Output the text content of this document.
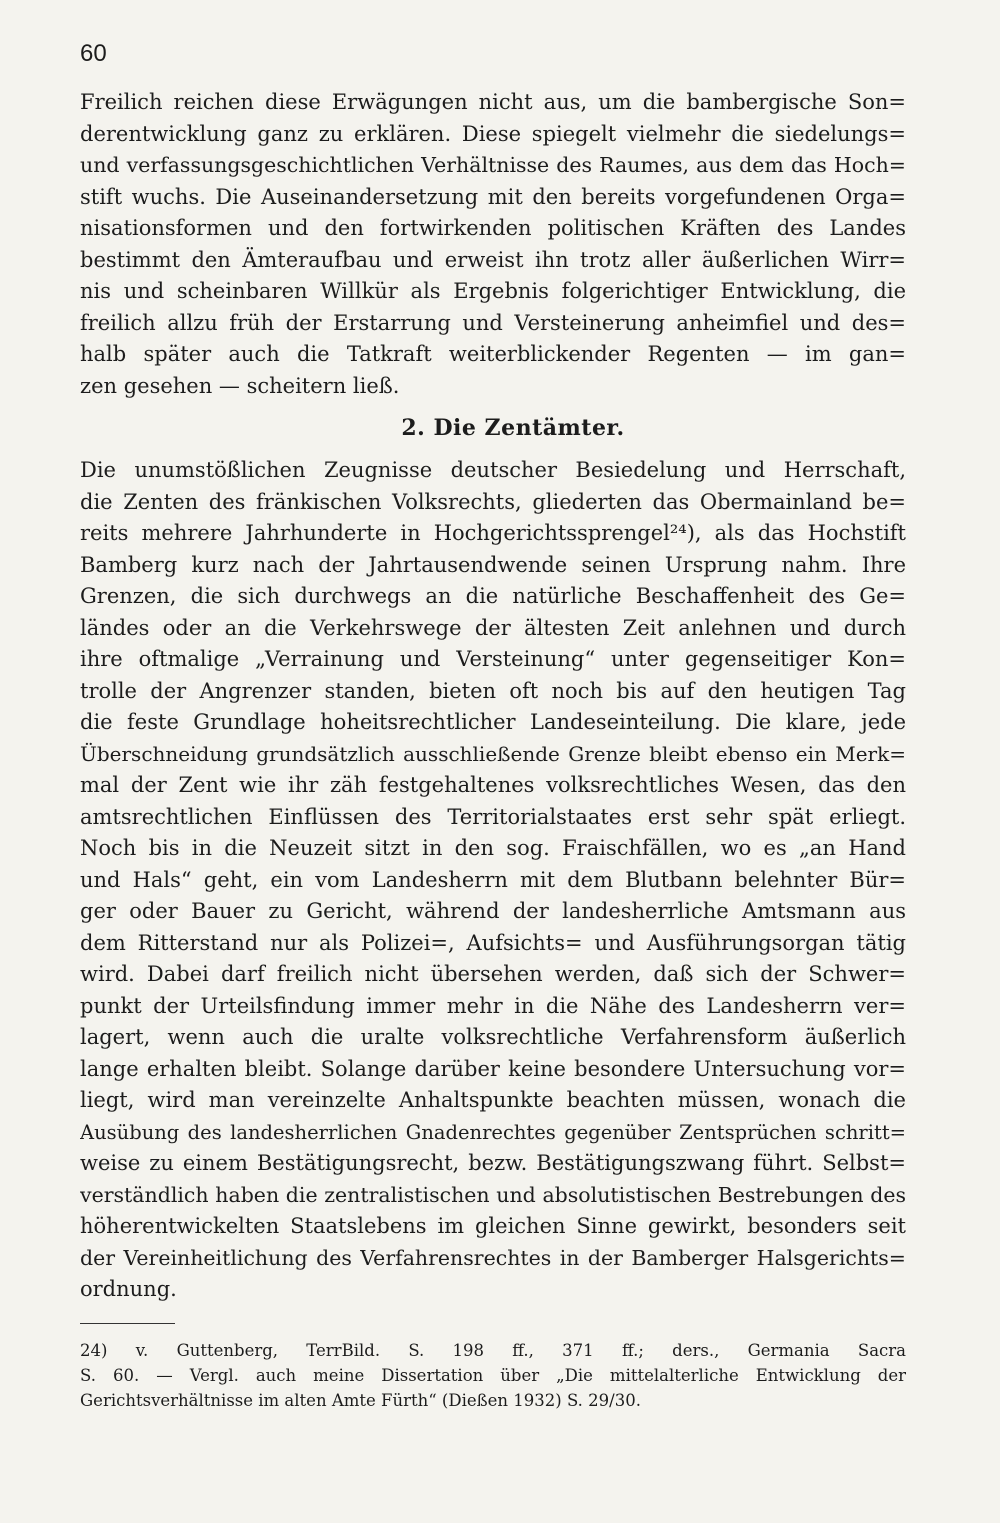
60
Freilich reichen diese Erwägungen nicht aus, um die bambergische Son=
derentwicklung ganz zu erklären. Diese spiegelt vielmehr die siedelungs=
und verfassungsgeschichtlichen Verhältnisse des Raumes, aus dem das Hoch=
stift wuchs. Die Auseinandersetzung mit den bereits vorgefundenen Orga=
nisationsformen und den fortwirkenden politischen Kräften des Landes
bestimmt den Ämteraufbau und erweist ihn trotz aller äußerlichen Wirr=
nis und scheinbaren Willkür als Ergebnis folgerichtiger Entwicklung, die
freilich allzu früh der Erstarrung und Versteinerung anheimfiel und des=
halb später auch die Tatkraft weiterblickender Regenten — im gan=
zen gesehen — scheitern ließ.
2. Die Zentämter.
Die unumstößlichen Zeugnisse deutscher Besiedelung und Herrschaft,
die Zenten des fränkischen Volksrechts, gliederten das Obermainland be=
reits mehrere Jahrhunderte in Hochgerichtssprengel²⁴), als das Hochstift
Bamberg kurz nach der Jahrtausendwende seinen Ursprung nahm. Ihre
Grenzen, die sich durchwegs an die natürliche Beschaffenheit des Ge=
ländes oder an die Verkehrswege der ältesten Zeit anlehnen und durch
ihre oftmalige „Verrainung und Versteinung“ unter gegenseitiger Kon=
trolle der Angrenzer standen, bieten oft noch bis auf den heutigen Tag
die feste Grundlage hoheitsrechtlicher Landeseinteilung. Die klare, jede
Überschneidung grundsätzlich ausschließende Grenze bleibt ebenso ein Merk=
mal der Zent wie ihr zäh festgehaltenes volksrechtliches Wesen, das den
amtsrechtlichen Einflüssen des Territorialstaates erst sehr spät erliegt.
Noch bis in die Neuzeit sitzt in den sog. Fraischfällen, wo es „an Hand
und Hals“ geht, ein vom Landesherrn mit dem Blutbann belehnter Bür=
ger oder Bauer zu Gericht, während der landesherrliche Amtsmann aus
dem Ritterstand nur als Polizei=, Aufsichts= und Ausführungsorgan tätig
wird. Dabei darf freilich nicht übersehen werden, daß sich der Schwer=
punkt der Urteilsfindung immer mehr in die Nähe des Landesherrn ver=
lagert, wenn auch die uralte volksrechtliche Verfahrensform äußerlich
lange erhalten bleibt. Solange darüber keine besondere Untersuchung vor=
liegt, wird man vereinzelte Anhaltspunkte beachten müssen, wonach die
Ausübung des landesherrlichen Gnadenrechtes gegenüber Zentsprüchen schritt=
weise zu einem Bestätigungsrecht, bezw. Bestätigungszwang führt. Selbst=
verständlich haben die zentralistischen und absolutistischen Bestrebungen des
höherentwickelten Staatslebens im gleichen Sinne gewirkt, besonders seit
der Vereinheitlichung des Verfahrensrechtes in der Bamberger Halsgerichts=
ordnung.
24) v. Guttenberg, TerrBild. S. 198 ff., 371 ff.; ders., Germania Sacra
S. 60. — Vergl. auch meine Dissertation über „Die mittelalterliche Entwicklung der
Gerichtsverhältnisse im alten Amte Fürth“ (Dießen 1932) S. 29/30.
